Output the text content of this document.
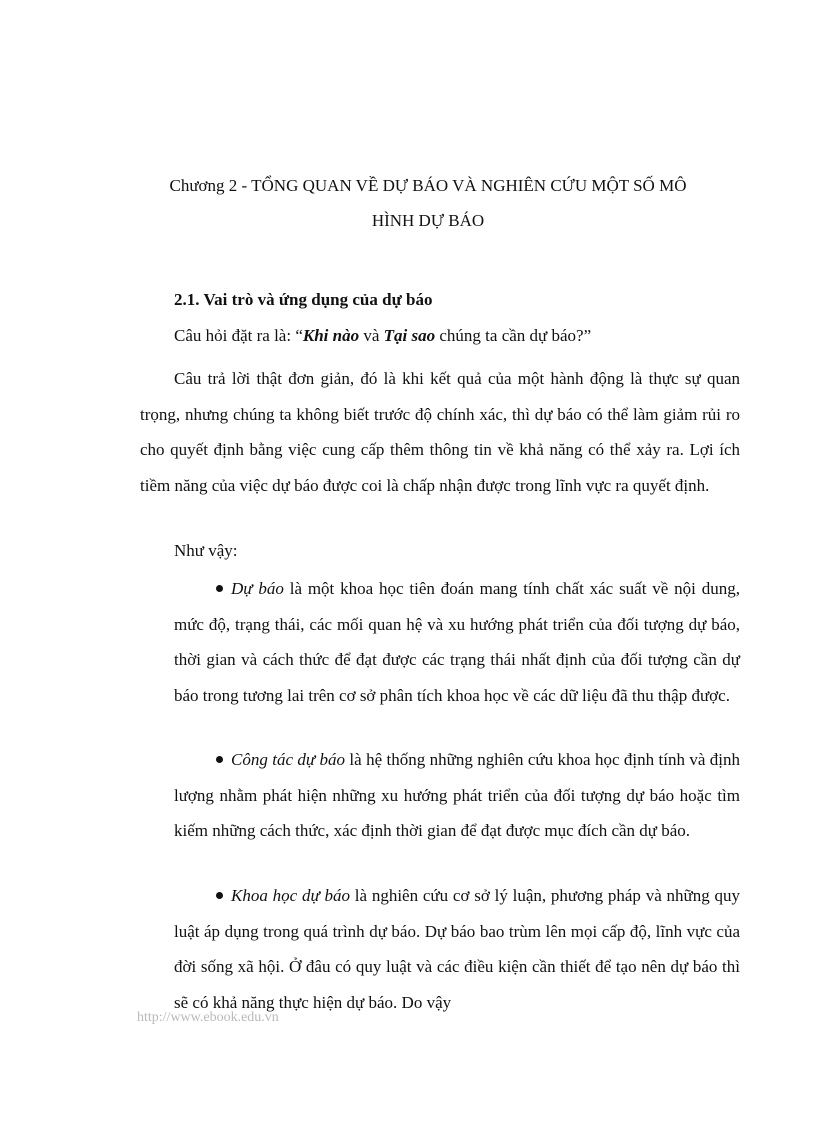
Chương 2 - TỔNG QUAN VỀ DỰ BÁO VÀ NGHIÊN CỨU MỘT SỐ MÔ
HÌNH DỰ BÁO
2.1. Vai trò và ứng dụng của dự báo

Câu hỏi đặt ra là: “Khi nào và Tại sao chúng ta cần dự báo?”

Câu trả lời thật đơn giản, đó là khi kết quả của một hành động là thực sự quan trọng, nhưng chúng ta không biết trước độ chính xác, thì dự báo có thể làm giảm rủi ro cho quyết định bằng việc cung cấp thêm thông tin về khả năng có thể xảy ra. Lợi ích tiềm năng của việc dự báo được coi là chấp nhận được trong lĩnh vực ra quyết định.

Như vậy:

Dự báo là một khoa học tiên đoán mang tính chất xác suất về nội dung, mức độ, trạng thái, các mối quan hệ và xu hướng phát triển của đối tượng dự báo, thời gian và cách thức để đạt được các trạng thái nhất định của đối tượng cần dự báo trong tương lai trên cơ sở phân tích khoa học về các dữ liệu đã thu thập được.

Công tác dự báo là hệ thống những nghiên cứu khoa học định tính và định lượng nhằm phát hiện những xu hướng phát triển của đối tượng dự báo hoặc tìm kiếm những cách thức, xác định thời gian để đạt được mục đích cần dự báo.

Khoa học dự báo là nghiên cứu cơ sở lý luận, phương pháp và những quy luật áp dụng trong quá trình dự báo. Dự báo bao trùm lên mọi cấp độ, lĩnh vực của đời sống xã hội. Ở đâu có quy luật và các điều kiện cần thiết để tạo nên dự báo thì sẽ có khả năng thực hiện dự báo. Do vậy

http://www.ebook.edu.vn
